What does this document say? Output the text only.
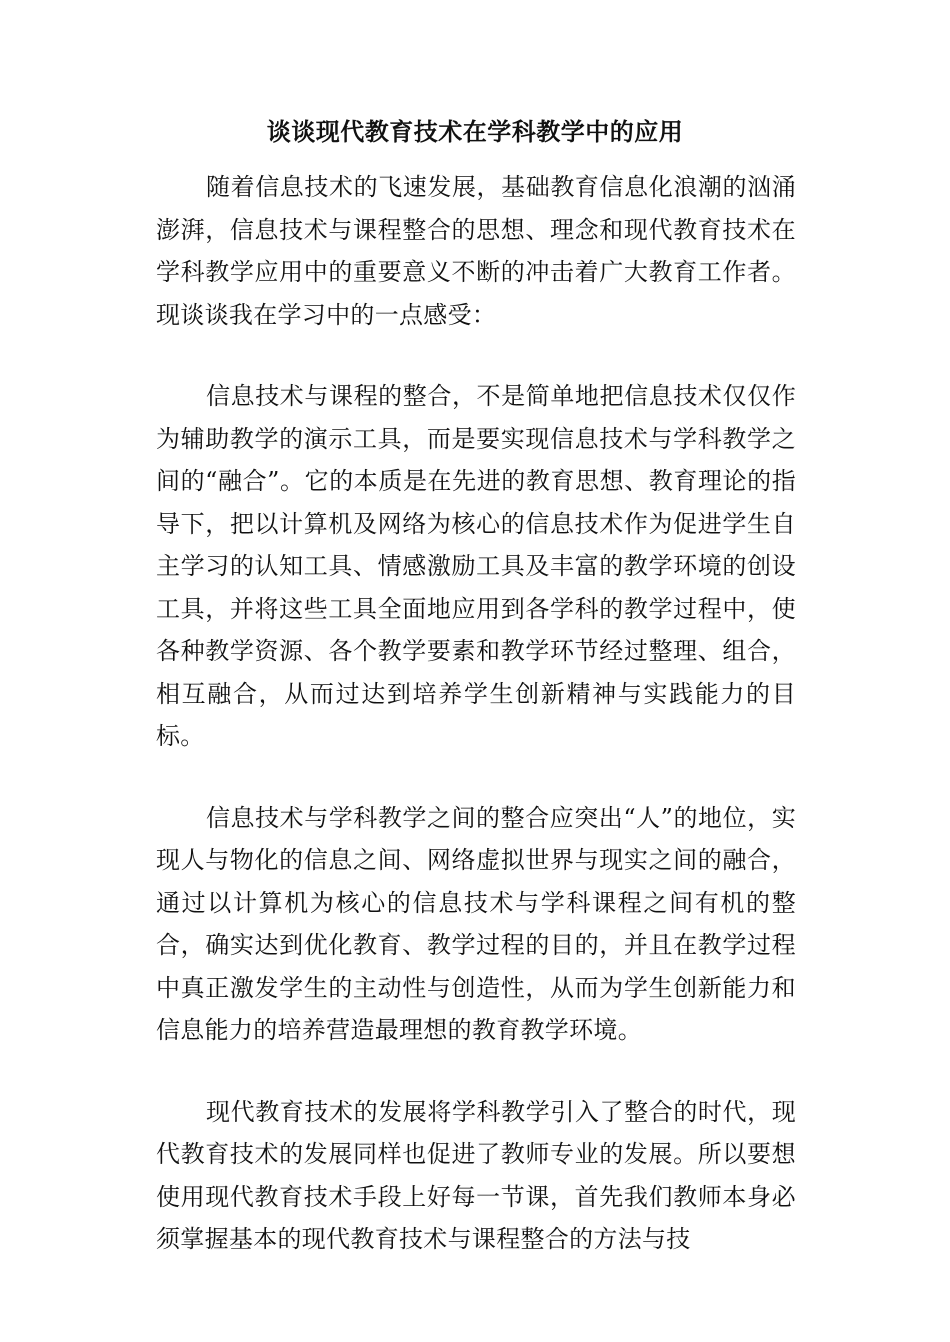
谈谈现代教育技术在学科教学中的应用

随着信息技术的飞速发展，基础教育信息化浪潮的汹涌澎湃，信息技术与课程整合的思想、理念和现代教育技术在学科教学应用中的重要意义不断的冲击着广大教育工作者。现谈谈我在学习中的一点感受：

信息技术与课程的整合，不是简单地把信息技术仅仅作为辅助教学的演示工具，而是要实现信息技术与学科教学之间的“融合”。它的本质是在先进的教育思想、教育理论的指导下，把以计算机及网络为核心的信息技术作为促进学生自主学习的认知工具、情感激励工具及丰富的教学环境的创设工具，并将这些工具全面地应用到各学科的教学过程中，使各种教学资源、各个教学要素和教学环节经过整理、组合，相互融合，从而过达到培养学生创新精神与实践能力的目标。

信息技术与学科教学之间的整合应突出“人”的地位，实现人与物化的信息之间、网络虚拟世界与现实之间的融合，通过以计算机为核心的信息技术与学科课程之间有机的整合，确实达到优化教育、教学过程的目的，并且在教学过程中真正激发学生的主动性与创造性，从而为学生创新能力和信息能力的培养营造最理想的教育教学环境。

现代教育技术的发展将学科教学引入了整合的时代，现代教育技术的发展同样也促进了教师专业的发展。所以要想使用现代教育技术手段上好每一节课，首先我们教师本身必须掌握基本的现代教育技术与课程整合的方法与技
